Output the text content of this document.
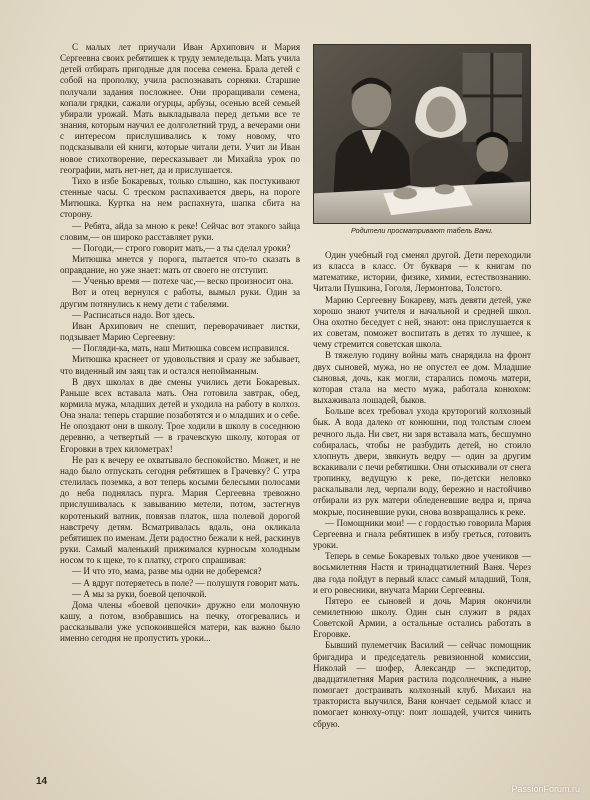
С малых лет приучали Иван Архипович и Мария Сергеевна своих ребятишек к труду земледельца. Мать учила детей отбирать пригодные для посева семена. Брала детей с собой на прополку, учила распознавать сорняки. Старшие получали задания посложнее. Они проращивали семена, копали грядки, сажали огурцы, арбузы, осенью всей семьей убирали урожай. Мать выкладывала перед детьми все те знания, которым научил ее долголетний труд, а вечерами они с интересом прислушивались к тому новому, что подсказывали ей книги, которые читали дети. Учит ли Иван новое стихотворение, пересказывает ли Михайла урок по географии, мать нет-нет, да и прислушается.

Тихо в избе Бокаревых, только слышно, как постукивают стенные часы. С треском распахивается дверь, на пороге Митюшка. Куртка на нем распахнута, шапка сбита на сторону.

— Ребята, айда за мною к реке! Сейчас вот этакого зайца словим,— он широко расставляет руки.

— Погоди,— строго говорит мать,— а ты сделал уроки?

Митюшка мнется у порога, пытается что-то сказать в оправдание, но уже знает: мать от своего не отступит.

— Ученью время — потехе час,— веско произносит она.

Вот и отец вернулся с работы, вымыл руки. Один за другим потянулись к нему дети с табелями.

— Расписаться надо. Вот здесь.

Иван Архипович не спешит, переворачивает листки, подзывает Марию Сергеевну:

— Погляди-ка, мать, наш Митюшка совсем исправился.

Митюшка краснеет от удовольствия и сразу же забывает, что виденный им заяц так и остался непойманным.

В двух школах в две смены учились дети Бокаревых. Раньше всех вставала мать. Она готовила завтрак, обед, кормила мужа, младших детей и уходила на работу в колхоз. Она знала: теперь старшие позаботятся и о младших и о себе. Не опоздают они в школу. Трое ходили в школу в соседнюю деревню, а четвертый — в грачевскую школу, которая от Егоровки в трех километрах!

Не раз к вечеру ее охватывало беспокойство. Может, и не надо было отпускать сегодня ребятишек в Грачевку? С утра стелилась поземка, а вот теперь косыми белесыми полосами до неба поднялась пурга. Мария Сергеевна тревожно прислушивалась к завыванию метели, потом, застегнув коротенький ватник, повязав платок, шла полевой дорогой навстречу детям. Всматривалась вдаль, она окликала ребятишек по именам. Дети радостно бежали к ней, раскинув руки. Самый маленький прижимался курносым холодным носом то к щеке, то к платку, строго спрашивая:

— И что это, мама, разве мы одни не доберемся?

— А вдруг потеряетесь в поле? — полушутя говорит мать.

— А мы за руки, боевой цепочкой.

Дома члены «боевой цепочки» дружно ели молочную кашу, а потом, взобравшись на печку, отогревались и рассказывали уже успокоившейся матери, как важно было именно сегодня не пропустить уроки...

Родители просматривают табель Вани.

Один учебный год сменял другой. Дети переходили из класса в класс. От букваря — к книгам по математике, истории, физике, химии, естествознанию. Читали Пушкина, Гоголя, Лермонтова, Толстого.

Марию Сергеевну Бокареву, мать девяти детей, уже хорошо знают учителя и начальной и средней школ. Она охотно беседует с ней, знают: она прислушается к их советам, поможет воспитать в детях то лучшее, к чему стремится советская школа.

В тяжелую годину войны мать снарядила на фронт двух сыновей, мужа, но не опустел ее дом. Младшие сыновья, дочь, как могли, старались помочь матери, которая стала на место мужа, работала конюхом: выхаживала лошадей, быков.

Больше всех требовал ухода круторогий колхозный бык. А вода далеко от конюшни, под толстым слоем речного льда. Ни свет, ни заря вставала мать, бесшумно собиралась, чтобы не разбудить детей, но стоило хлопнуть двери, звякнуть ведру — один за другим вскакивали с печи ребятишки. Они отыскивали от снега тропинку, ведущую к реке, по-детски неловко раскалывали лед, черпали воду, бережно и настойчиво отбирали из рук матери обледеневшие ведра и, пряча мокрые, посиневшие руки, снова возвращались к реке.

— Помощники мои! — с гордостью говорила Мария Сергеевна и гнала ребятишек в избу греться, готовить уроки.

Теперь в семье Бокаревых только двое учеников — восьмилетняя Настя и тринадцатилетний Ваня. Через два года пойдут в первый класс самый младший, Толя, и его ровесники, внучата Марии Сергеевны.

Пятеро ее сыновей и дочь Мария окончили семилетнюю школу. Один сын служит в рядах Советской Армии, а остальные остались работать в Егоровке.

Бывший пулеметчик Василий — сейчас помощник бригадира и председатель ревизионной комиссии, Николай — шофер, Александр — экспедитор, двадцатилетняя Мария растила подсолнечник, а ныне помогает достраивать колхозный клуб. Михаил на тракториста выучился, Ваня кончает седьмой класс и помогает конюху-отцу: поит лошадей, учится чинить сбрую.

14
PassionForum.ru
